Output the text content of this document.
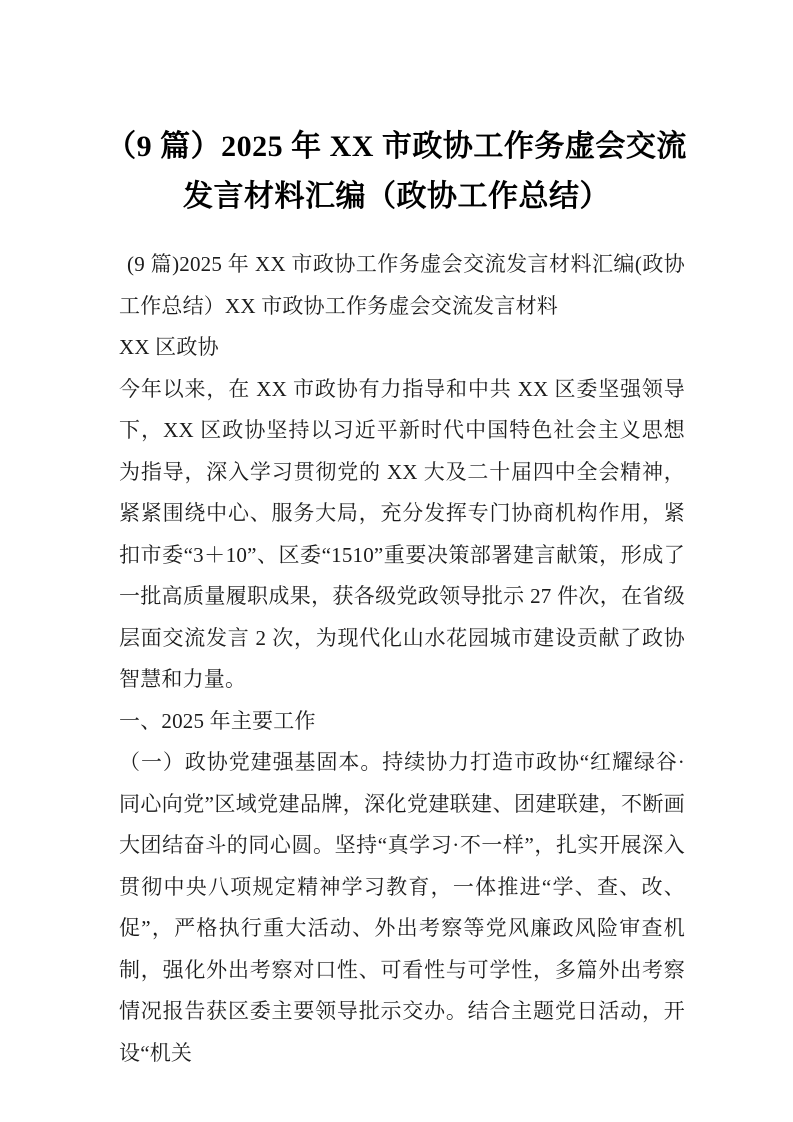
（9 篇）2025 年 XX 市政协工作务虚会交流
发言材料汇编（政协工作总结）

(9 篇)2025 年 XX 市政协工作务虚会交流发言材料汇编(政协工作总结）XX 市政协工作务虚会交流发言材料

XX 区政协

今年以来，在 XX 市政协有力指导和中共 XX 区委坚强领导下，XX 区政协坚持以习近平新时代中国特色社会主义思想为指导，深入学习贯彻党的 XX 大及二十届四中全会精神，紧紧围绕中心、服务大局，充分发挥专门协商机构作用，紧扣市委“3＋10”、区委“1510”重要决策部署建言献策，形成了一批高质量履职成果，获各级党政领导批示 27 件次，在省级层面交流发言 2 次，为现代化山水花园城市建设贡献了政协智慧和力量。

一、2025 年主要工作

（一）政协党建强基固本。持续协力打造市政协“红耀绿谷·同心向党”区域党建品牌，深化党建联建、团建联建，不断画大团结奋斗的同心圆。坚持“真学习·不一样”，扎实开展深入贯彻中央八项规定精神学习教育，一体推进“学、查、改、促”，严格执行重大活动、外出考察等党风廉政风险审查机制，强化外出考察对口性、可看性与可学性，多篇外出考察情况报告获区委主要领导批示交办。结合主题党日活动，开设“机关
